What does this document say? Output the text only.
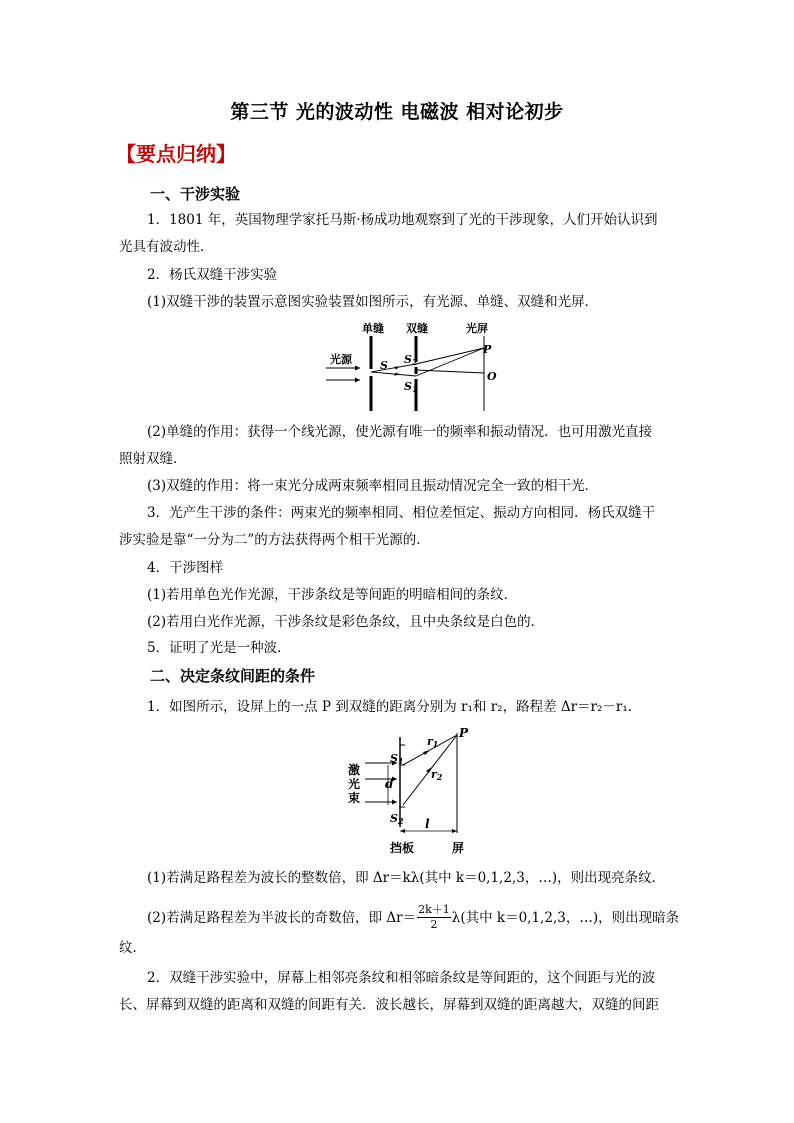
第三节 光的波动性 电磁波 相对论初步
【要点归纳】
一、干涉实验
1．1801 年，英国物理学家托马斯·杨成功地观察到了光的干涉现象，人们开始认识到
光具有波动性．
2．杨氏双缝干涉实验
(1)双缝干涉的装置示意图实验装置如图所示，有光源、单缝、双缝和光屏．
单缝 双缝	光屏
光源	S S2
S1
P
O
(2)单缝的作用：获得一个线光源，使光源有唯一的频率和振动情况．也可用激光直接
照射双缝．
(3)双缝的作用：将一束光分成两束频率相同且振动情况完全一致的相干光．
3．光产生干涉的条件：两束光的频率相同、相位差恒定、振动方向相同．杨氏双缝干
涉实验是靠“一分为二”的方法获得两个相干光源的．
4．干涉图样
(1)若用单色光作光源，干涉条纹是等间距的明暗相间的条纹．
(2)若用白光作光源，干涉条纹是彩色条纹，且中央条纹是白色的．
5．证明了光是一种波．
二、决定条纹间距的条件
1．如图所示，设屏上的一点 P 到双缝的距离分别为 r₁和 r₂，路程差 Δr＝r₂－r₁.
激
光
束
d
S1
S2
r1
r2
P
l
挡板	屏
(1)若满足路程差为波长的整数倍，即 Δr＝kλ(其中 k＝0,1,2,3，…)，则出现亮条纹．
(2)若满足路程差为半波长的奇数倍，即 $\Delta r= \frac{2k+1}{2} \lambda$(其中 k＝0,1,2,3，…)，则出现暗条
纹．
2．双缝干涉实验中，屏幕上相邻亮条纹和相邻暗条纹是等间距的，这个间距与光的波
长、屏幕到双缝的距离和双缝的间距有关．波长越长，屏幕到双缝的距离越大，双缝的间距
